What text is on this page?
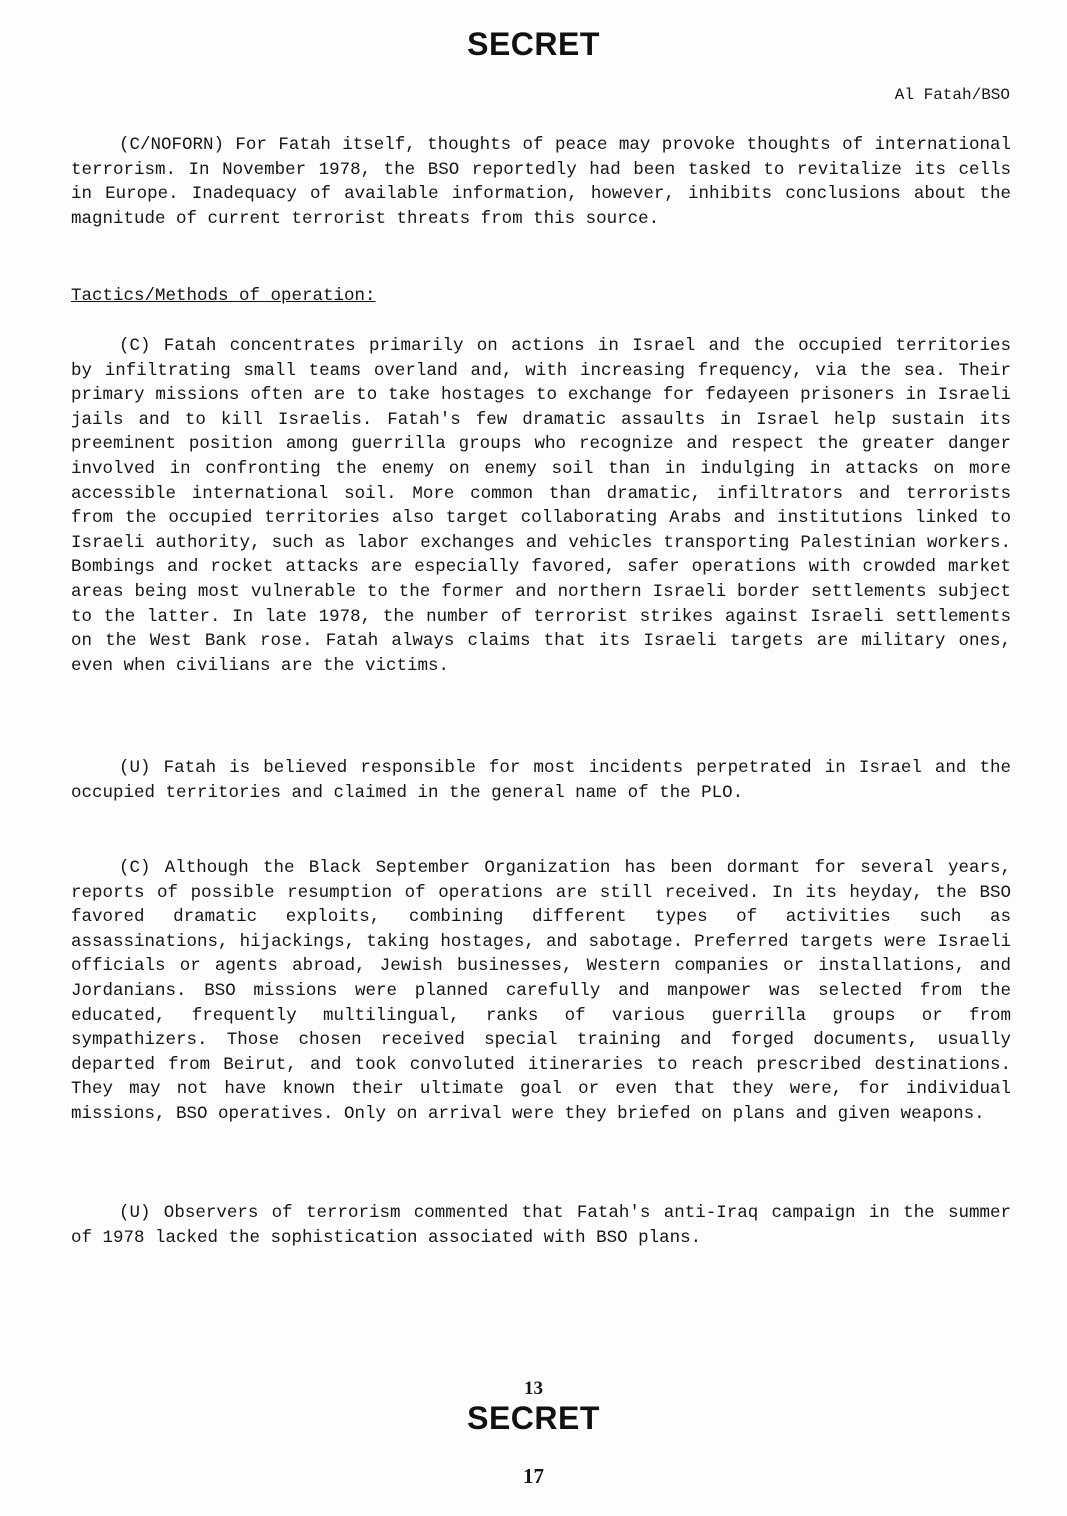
SECRET
Al Fatah/BSO

(C/NOFORN) For Fatah itself, thoughts of peace may provoke thoughts of international terrorism. In November 1978, the BSO reportedly had been tasked to revitalize its cells in Europe. Inadequacy of available information, however, inhibits conclusions about the magnitude of current terrorist threats from this source.

Tactics/Methods of operation:

(C) Fatah concentrates primarily on actions in Israel and the occupied territories by infiltrating small teams overland and, with increasing frequency, via the sea. Their primary missions often are to take hostages to exchange for fedayeen prisoners in Israeli jails and to kill Israelis. Fatah's few dramatic assaults in Israel help sustain its preeminent position among guerrilla groups who recognize and respect the greater danger involved in confronting the enemy on enemy soil than in indulging in attacks on more accessible international soil. More common than dramatic, infiltrators and terrorists from the occupied territories also target collaborating Arabs and institutions linked to Israeli authority, such as labor exchanges and vehicles transporting Palestinian workers. Bombings and rocket attacks are especially favored, safer operations with crowded market areas being most vulnerable to the former and northern Israeli border settlements subject to the latter. In late 1978, the number of terrorist strikes against Israeli settlements on the West Bank rose. Fatah always claims that its Israeli targets are military ones, even when civilians are the victims.

(U) Fatah is believed responsible for most incidents perpetrated in Israel and the occupied territories and claimed in the general name of the PLO.

(C) Although the Black September Organization has been dormant for several years, reports of possible resumption of operations are still received. In its heyday, the BSO favored dramatic exploits, combining different types of activities such as assassinations, hijackings, taking hostages, and sabotage. Preferred targets were Israeli officials or agents abroad, Jewish businesses, Western companies or installations, and Jordanians. BSO missions were planned carefully and manpower was selected from the educated, frequently multilingual, ranks of various guerrilla groups or from sympathizers. Those chosen received special training and forged documents, usually departed from Beirut, and took convoluted itineraries to reach prescribed destinations. They may not have known their ultimate goal or even that they were, for individual missions, BSO operatives. Only on arrival were they briefed on plans and given weapons.

(U) Observers of terrorism commented that Fatah's anti-Iraq campaign in the summer of 1978 lacked the sophistication associated with BSO plans.

13
SECRET
17
